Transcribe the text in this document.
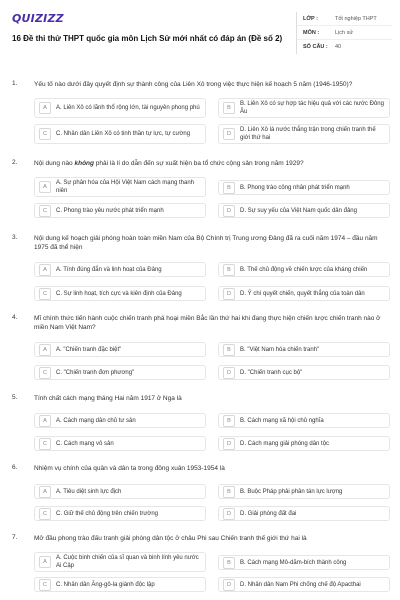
QUIZIZZ
16 Đề thi thử THPT quốc gia môn Lịch Sử mới nhất có đáp án (Đề số 2)
LỚP :	Tốt nghiệp THPT
MÔN :	Lịch sử
SỐ CÂU :	40
1.	Yếu tố nào dưới đây quyết định sự thành công của Liên Xô trong việc thực hiện kế hoạch 5 năm (1946-1950)?
A	A. Liên Xô có lãnh thổ rộng lớn, tài nguyên phong phú	B
B. Liên Xô có sự hợp tác hiệu quả với các nước Đông Âu
C	C. Nhân dân Liên Xô có tinh thần tự lực, tự cường	D
D. Liên Xô là nước thắng trận trong chiến tranh thế giới thứ hai
2.	Nội dung nào không phải là lí do dẫn đến sự xuất hiện ba tổ chức cộng sản trong năm 1929?
A
A. Sự phân hóa của Hội Việt Nam cách mạng thanh niên
B	B. Phong trào công nhân phát triển mạnh
C	C. Phong trào yêu nước phát triển mạnh	D	D. Sự suy yếu của Việt Nam quốc dân đảng
3.	Nội dung kế hoạch giải phóng hoàn toàn miền Nam của Bộ Chính trị Trung ương Đảng đã ra cuối năm 1974 – đầu năm 1975 đã thể hiện
A	A. Tính đúng đắn và linh hoạt của Đảng	B	B. Thế chủ động về chiến lược của kháng chiến
C	C. Sự linh hoạt, tích cực và kiên định của Đảng	D	D. Ý chí quyết chiến, quyết thắng của toàn dân
4.	Mĩ chính thức tiến hành cuộc chiến tranh phá hoại miền Bắc lần thứ hai khi đang thực hiện chiến lược chiến tranh nào ở miền Nam Việt Nam?
A	A. "Chiến tranh đặc biệt"	B	B. "Việt Nam hóa chiến tranh"
C	C. "Chiến tranh đơn phương"	D	D. "Chiến tranh cục bộ"
5.	Tính chất cách mạng tháng Hai năm 1917 ở Nga là
A	A. Cách mạng dân chủ tư sản	B	B. Cách mạng xã hội chủ nghĩa
C	C. Cách mạng vô sản	D	D. Cách mạng giải phóng dân tộc
6.	Nhiệm vụ chính của quân và dân ta trong đông xuân 1953-1954 là
A	A. Tiêu diệt sinh lực địch	B	B. Buộc Pháp phải phân tán lực lượng
C	C. Giữ thế chủ động trên chiến trường	D	D. Giải phóng đất đai
7.	Mở đầu phong trào đấu tranh giải phóng dân tộc ở châu Phi sau Chiến tranh thế giới thứ hai là
A
A. Cuộc binh chiến của sĩ quan và binh lính yêu nước Ai Cập
B	B. Cách mạng Mô-dăm-bích thành công
C	C. Nhân dân Ăng-gô-la giành độc lập	D	D. Nhân dân Nam Phi chống chế độ Apacthai
